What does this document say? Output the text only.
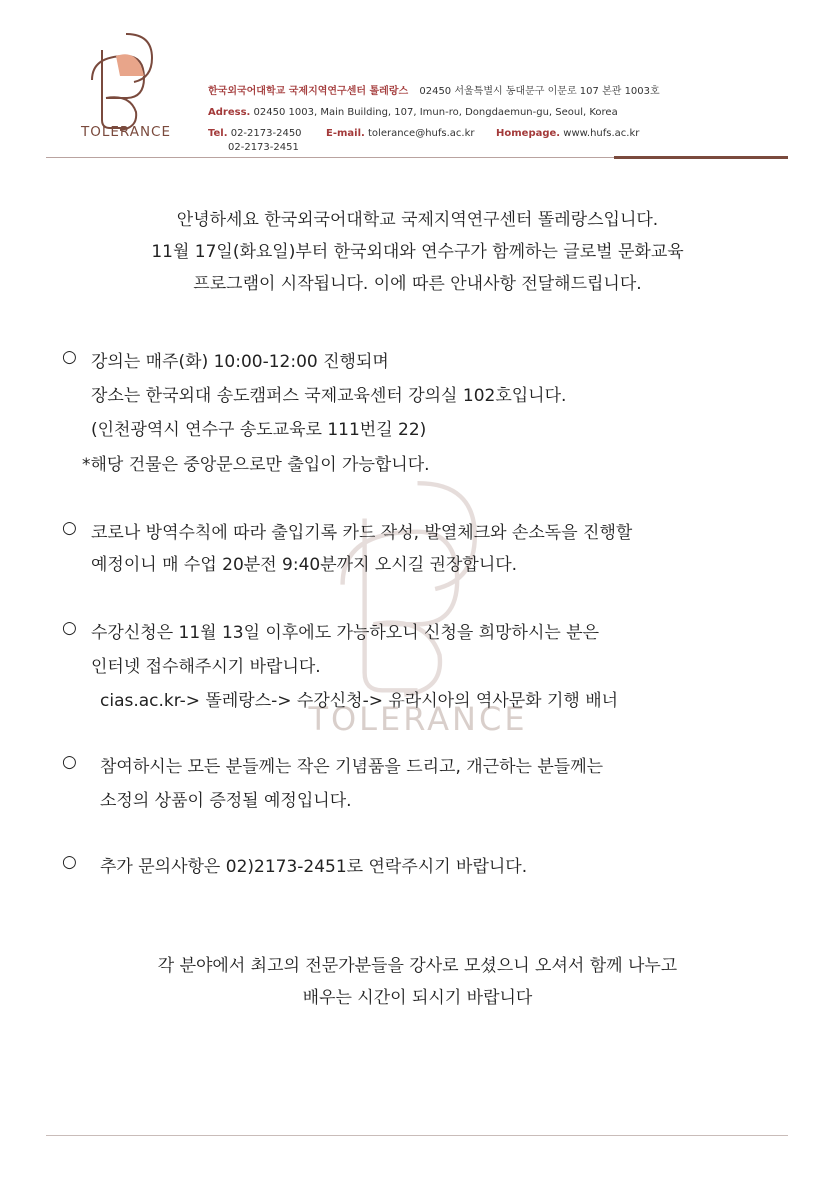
TOLERANCE
한국외국어대학교 국제지역연구센터 톨레랑스 02450 서울특별시 동대문구 이문로 107 본관 1003호
Adress. 02450 1003, Main Building, 107, Imun-ro, Dongdaemun-gu, Seoul, Korea
Tel. 02-2173-2450
02-2173-2451
E-mail. tolerance@hufs.ac.kr Homepage. www.hufs.ac.kr
TOLERANCE
안녕하세요 한국외국어대학교 국제지역연구센터 똘레랑스입니다.
11월 17일(화요일)부터 한국외대와 연수구가 함께하는 글로벌 문화교육
프로그램이 시작됩니다. 이에 따른 안내사항 전달해드립니다.
○ 강의는 매주(화) 10:00-12:00 진행되며
장소는 한국외대 송도캠퍼스 국제교육센터 강의실 102호입니다.
(인천광역시 연수구 송도교육로 111번길 22)
*해당 건물은 중앙문으로만 출입이 가능합니다.
○ 코로나 방역수칙에 따라 출입기록 카드 작성, 발열체크와 손소독을 진행할
예정이니 매 수업 20분전 9:40분까지 오시길 권장합니다.
○ 수강신청은 11월 13일 이후에도 가능하오니 신청을 희망하시는 분은
인터넷 접수해주시기 바랍니다.
cias.ac.kr-> 똘레랑스-> 수강신청-> 유라시아의 역사문화 기행 배너
○ 참여하시는 모든 분들께는 작은 기념품을 드리고, 개근하는 분들께는
소정의 상품이 증정될 예정입니다.
○ 추가 문의사항은 02)2173-2451로 연락주시기 바랍니다.
각 분야에서 최고의 전문가분들을 강사로 모셨으니 오셔서 함께 나누고
배우는 시간이 되시기 바랍니다
